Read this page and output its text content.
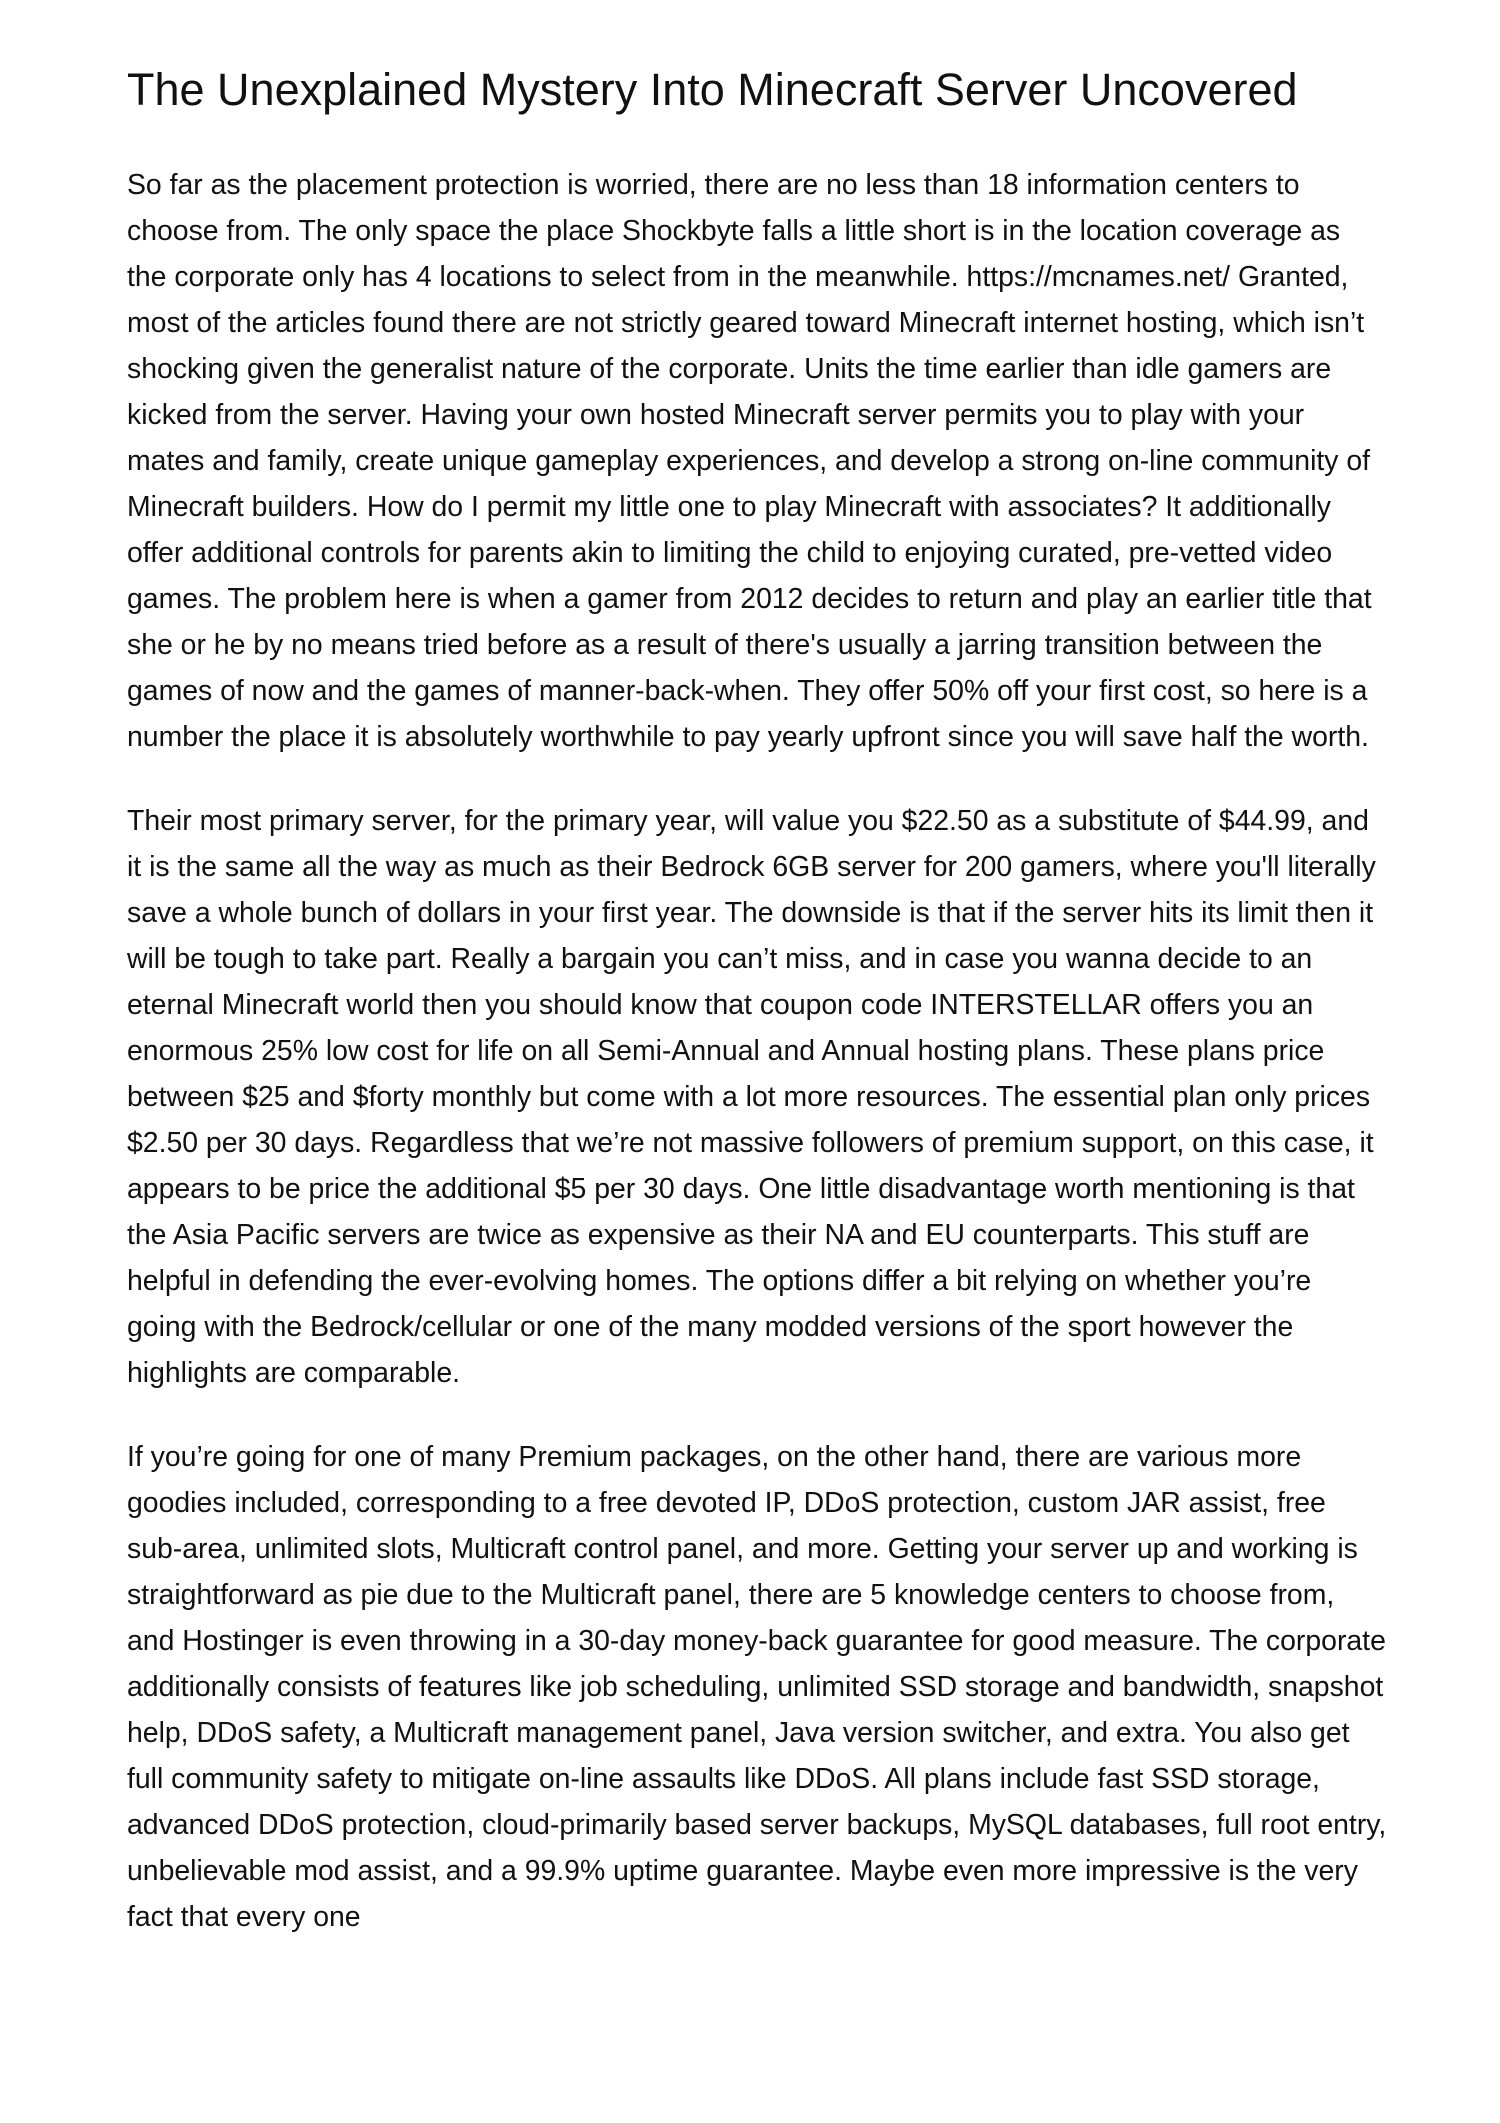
The Unexplained Mystery Into Minecraft Server Uncovered

So far as the placement protection is worried, there are no less than 18 information centers to choose from. The only space the place Shockbyte falls a little short is in the location coverage as the corporate only has 4 locations to select from in the meanwhile. https://mcnames.net/ Granted, most of the articles found there are not strictly geared toward Minecraft internet hosting, which isn’t shocking given the generalist nature of the corporate. Units the time earlier than idle gamers are kicked from the server. Having your own hosted Minecraft server permits you to play with your mates and family, create unique gameplay experiences, and develop a strong on-line community of Minecraft builders. How do I permit my little one to play Minecraft with associates? It additionally offer additional controls for parents akin to limiting the child to enjoying curated, pre-vetted video games. The problem here is when a gamer from 2012 decides to return and play an earlier title that she or he by no means tried before as a result of there's usually a jarring transition between the games of now and the games of manner-back-when. They offer 50% off your first cost, so here is a number the place it is absolutely worthwhile to pay yearly upfront since you will save half the worth.

Their most primary server, for the primary year, will value you $22.50 as a substitute of $44.99, and it is the same all the way as much as their Bedrock 6GB server for 200 gamers, where you'll literally save a whole bunch of dollars in your first year. The downside is that if the server hits its limit then it will be tough to take part. Really a bargain you can’t miss, and in case you wanna decide to an eternal Minecraft world then you should know that coupon code INTERSTELLAR offers you an enormous 25% low cost for life on all Semi-Annual and Annual hosting plans. These plans price between $25 and $forty monthly but come with a lot more resources. The essential plan only prices $2.50 per 30 days. Regardless that we’re not massive followers of premium support, on this case, it appears to be price the additional $5 per 30 days. One little disadvantage worth mentioning is that the Asia Pacific servers are twice as expensive as their NA and EU counterparts. This stuff are helpful in defending the ever-evolving homes. The options differ a bit relying on whether you’re going with the Bedrock/cellular or one of the many modded versions of the sport however the highlights are comparable.

If you’re going for one of many Premium packages, on the other hand, there are various more goodies included, corresponding to a free devoted IP, DDoS protection, custom JAR assist, free sub-area, unlimited slots, Multicraft control panel, and more. Getting your server up and working is straightforward as pie due to the Multicraft panel, there are 5 knowledge centers to choose from, and Hostinger is even throwing in a 30-day money-back guarantee for good measure. The corporate additionally consists of features like job scheduling, unlimited SSD storage and bandwidth, snapshot help, DDoS safety, a Multicraft management panel, Java version switcher, and extra. You also get full community safety to mitigate on-line assaults like DDoS. All plans include fast SSD storage, advanced DDoS protection, cloud-primarily based server backups, MySQL databases, full root entry, unbelievable mod assist, and a 99.9% uptime guarantee. Maybe even more impressive is the very fact that every one
